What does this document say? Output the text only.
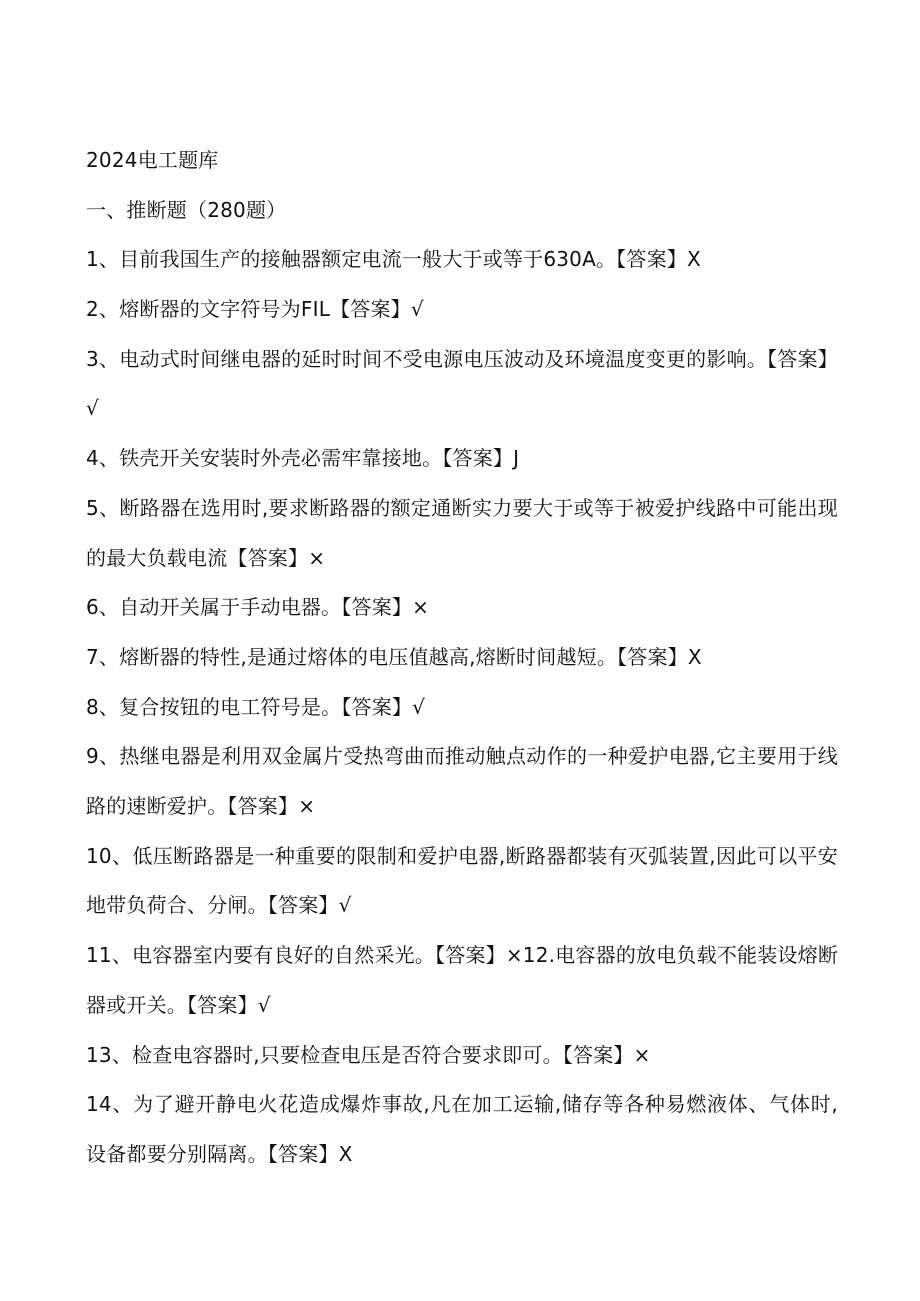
2024电工题库
一、推断题（280题）
1、目前我国生产的接触器额定电流一般大于或等于630A。【答案】X
2、熔断器的文字符号为FIL【答案】√
3、电动式时间继电器的延时时间不受电源电压波动及环境温度变更的影响。【答案】√
4、铁壳开关安装时外壳必需牢靠接地。【答案】J
5、断路器在选用时,要求断路器的额定通断实力要大于或等于被爱护线路中可能出现的最大负载电流【答案】×
6、自动开关属于手动电器。【答案】×
7、熔断器的特性,是通过熔体的电压值越高,熔断时间越短。【答案】X
8、复合按钮的电工符号是。【答案】√
9、热继电器是利用双金属片受热弯曲而推动触点动作的一种爱护电器,它主要用于线路的速断爱护。【答案】×
10、低压断路器是一种重要的限制和爱护电器,断路器都装有灭弧装置,因此可以平安地带负荷合、分闸。【答案】√
11、电容器室内要有良好的自然采光。【答案】×12.电容器的放电负载不能装设熔断器或开关。【答案】√
13、检查电容器时,只要检查电压是否符合要求即可。【答案】×
14、为了避开静电火花造成爆炸事故,凡在加工运输,储存等各种易燃液体、气体时,设备都要分别隔离。【答案】X
